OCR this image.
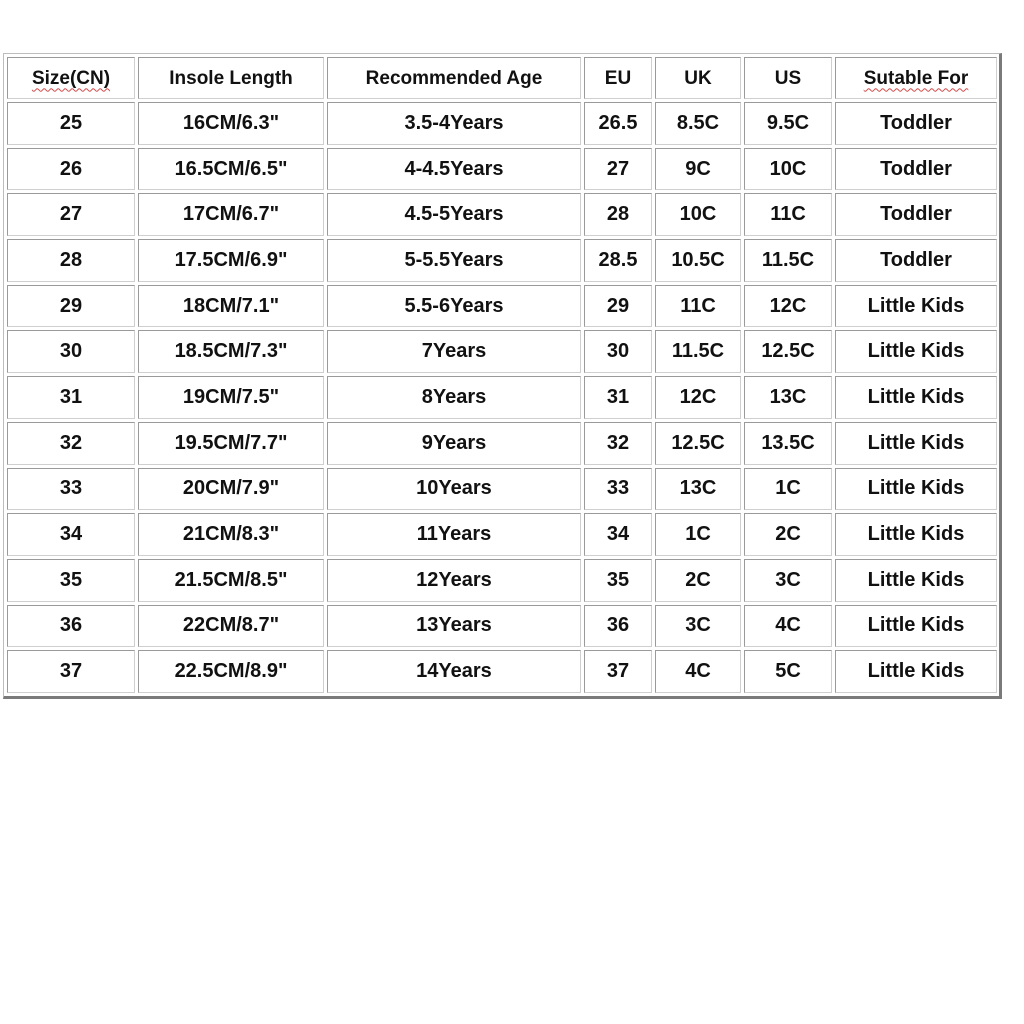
Size(CN)	Insole Length	Recommended Age	EU	UK	US	Sutable For
25	16CM/6.3"	3.5-4Years	26.5	8.5C	9.5C	Toddler
26	16.5CM/6.5"	4-4.5Years	27	9C	10C	Toddler
27	17CM/6.7"	4.5-5Years	28	10C	11C	Toddler
28	17.5CM/6.9"	5-5.5Years	28.5	10.5C	11.5C	Toddler
29	18CM/7.1"	5.5-6Years	29	11C	12C	Little Kids
30	18.5CM/7.3"	7Years	30	11.5C	12.5C	Little Kids
31	19CM/7.5"	8Years	31	12C	13C	Little Kids
32	19.5CM/7.7"	9Years	32	12.5C	13.5C	Little Kids
33	20CM/7.9"	10Years	33	13C	1C	Little Kids
34	21CM/8.3"	11Years	34	1C	2C	Little Kids
35	21.5CM/8.5"	12Years	35	2C	3C	Little Kids
36	22CM/8.7"	13Years	36	3C	4C	Little Kids
37	22.5CM/8.9"	14Years	37	4C	5C	Little Kids
